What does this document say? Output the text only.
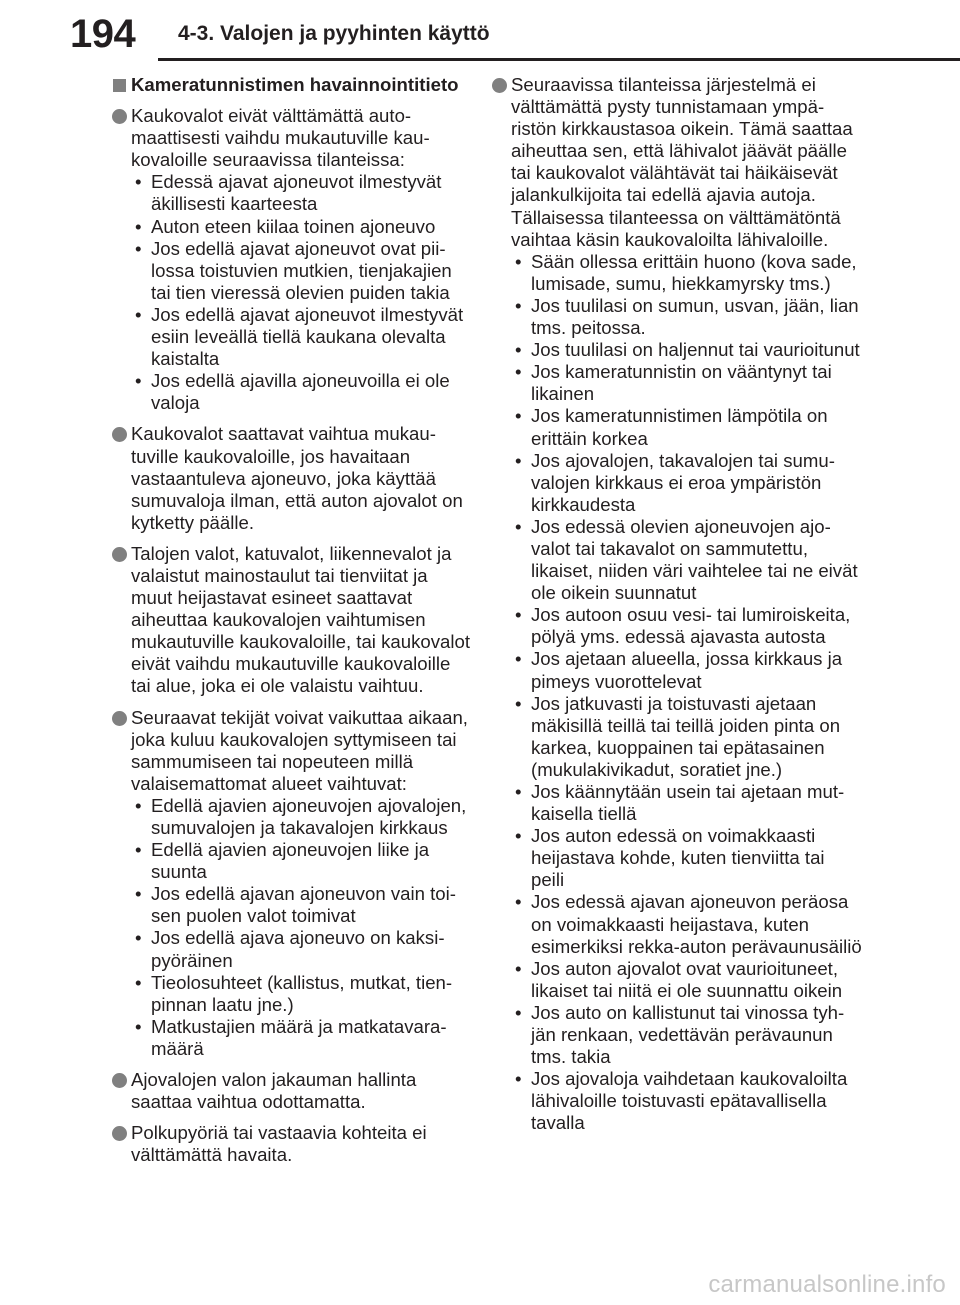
194 4-3. Valojen ja pyyhinten käyttö
Kameratunnistimen havainnointitieto
Kaukovalot eivät välttämättä automaattisesti vaihdu mukautuville kaukovaloille seuraavissa tilanteissa:
• Edessä ajavat ajoneuvot ilmestyvät äkillisesti kaarteesta
• Auton eteen kiilaa toinen ajoneuvo
• Jos edellä ajavat ajoneuvot ovat piilossa toistuvien mutkien, tienjakajien tai tien vieressä olevien puiden takia
• Jos edellä ajavat ajoneuvot ilmestyvät esiin leveällä tiellä kaukana olevalta kaistalta
• Jos edellä ajavilla ajoneuvoilla ei ole valoja
Kaukovalot saattavat vaihtua mukautuville kaukovaloille, jos havaitaan vastaantuleva ajoneuvo, joka käyttää sumuvaloja ilman, että auton ajovalot on kytketty päälle.
Talojen valot, katuvalot, liikennevalot ja valaistut mainostaulut tai tienviitat ja muut heijastavat esineet saattavat aiheuttaa kaukovalojen vaihtumisen mukautuville kaukovaloille, tai kaukovalot eivät vaihdu mukautuville kaukovaloille tai alue, joka ei ole valaistu vaihtuu.
Seuraavat tekijät voivat vaikuttaa aikaan, joka kuluu kaukovalojen syttymiseen tai sammumiseen tai nopeuteen millä valaisemattomat alueet vaihtuvat:
• Edellä ajavien ajoneuvojen ajovalojen, sumuvalojen ja takavalojen kirkkaus
• Edellä ajavien ajoneuvojen liike ja suunta
• Jos edellä ajavan ajoneuvon vain toisen puolen valot toimivat
• Jos edellä ajava ajoneuvo on kaksipyöräinen
• Tieolosuhteet (kallistus, mutkat, tienpinnan laatu jne.)
• Matkustajien määrä ja matkatavaramäärä
Ajovalojen valon jakauman hallinta saattaa vaihtua odottamatta.
Polkupyöriä tai vastaavia kohteita ei välttämättä havaita.
Seuraavissa tilanteissa järjestelmä ei välttämättä pysty tunnistamaan ympäristön kirkkaustasoa oikein. Tämä saattaa aiheuttaa sen, että lähivalot jäävät päälle tai kaukovalot välähtävät tai häikäisevät jalankulkijoita tai edellä ajavia autoja. Tällaisessa tilanteessa on välttämätöntä vaihtaa käsin kaukovaloilta lähivaloille.
• Sään ollessa erittäin huono (kova sade, lumisade, sumu, hiekkamyrsky tms.)
• Jos tuulilasi on sumun, usvan, jään, lian tms. peitossa.
• Jos tuulilasi on haljennut tai vaurioitunut
• Jos kameratunnistin on vääntynyt tai likainen
• Jos kameratunnistimen lämpötila on erittäin korkea
• Jos ajovalojen, takavalojen tai sumuvalojen kirkkaus ei eroa ympäristön kirkkaudesta
• Jos edessä olevien ajoneuvojen ajovalot tai takavalot on sammutettu, likaiset, niiden väri vaihtelee tai ne eivät ole oikein suunnatut
• Jos autoon osuu vesi- tai lumiroiskeita, pölyä yms. edessä ajavasta autosta
• Jos ajetaan alueella, jossa kirkkaus ja pimeys vuorottelevat
• Jos jatkuvasti ja toistuvasti ajetaan mäkisillä teillä tai teillä joiden pinta on karkea, kuoppainen tai epätasainen (mukulakivikadut, soratiet jne.)
• Jos käännytään usein tai ajetaan mutkaisella tiellä
• Jos auton edessä on voimakkaasti heijastava kohde, kuten tienviitta tai peili
• Jos edessä ajavan ajoneuvon peräosa on voimakkaasti heijastava, kuten esimerkiksi rekka-auton perävaunusäiliö
• Jos auton ajovalot ovat vaurioituneet, likaiset tai niitä ei ole suunnattu oikein
• Jos auto on kallistunut tai vinossa tyhjän renkaan, vedettävän perävaunun tms. takia
• Jos ajovaloja vaihdetaan kaukovaloilta lähivaloille toistuvasti epätavallisella tavalla
carmanualsonline.info
